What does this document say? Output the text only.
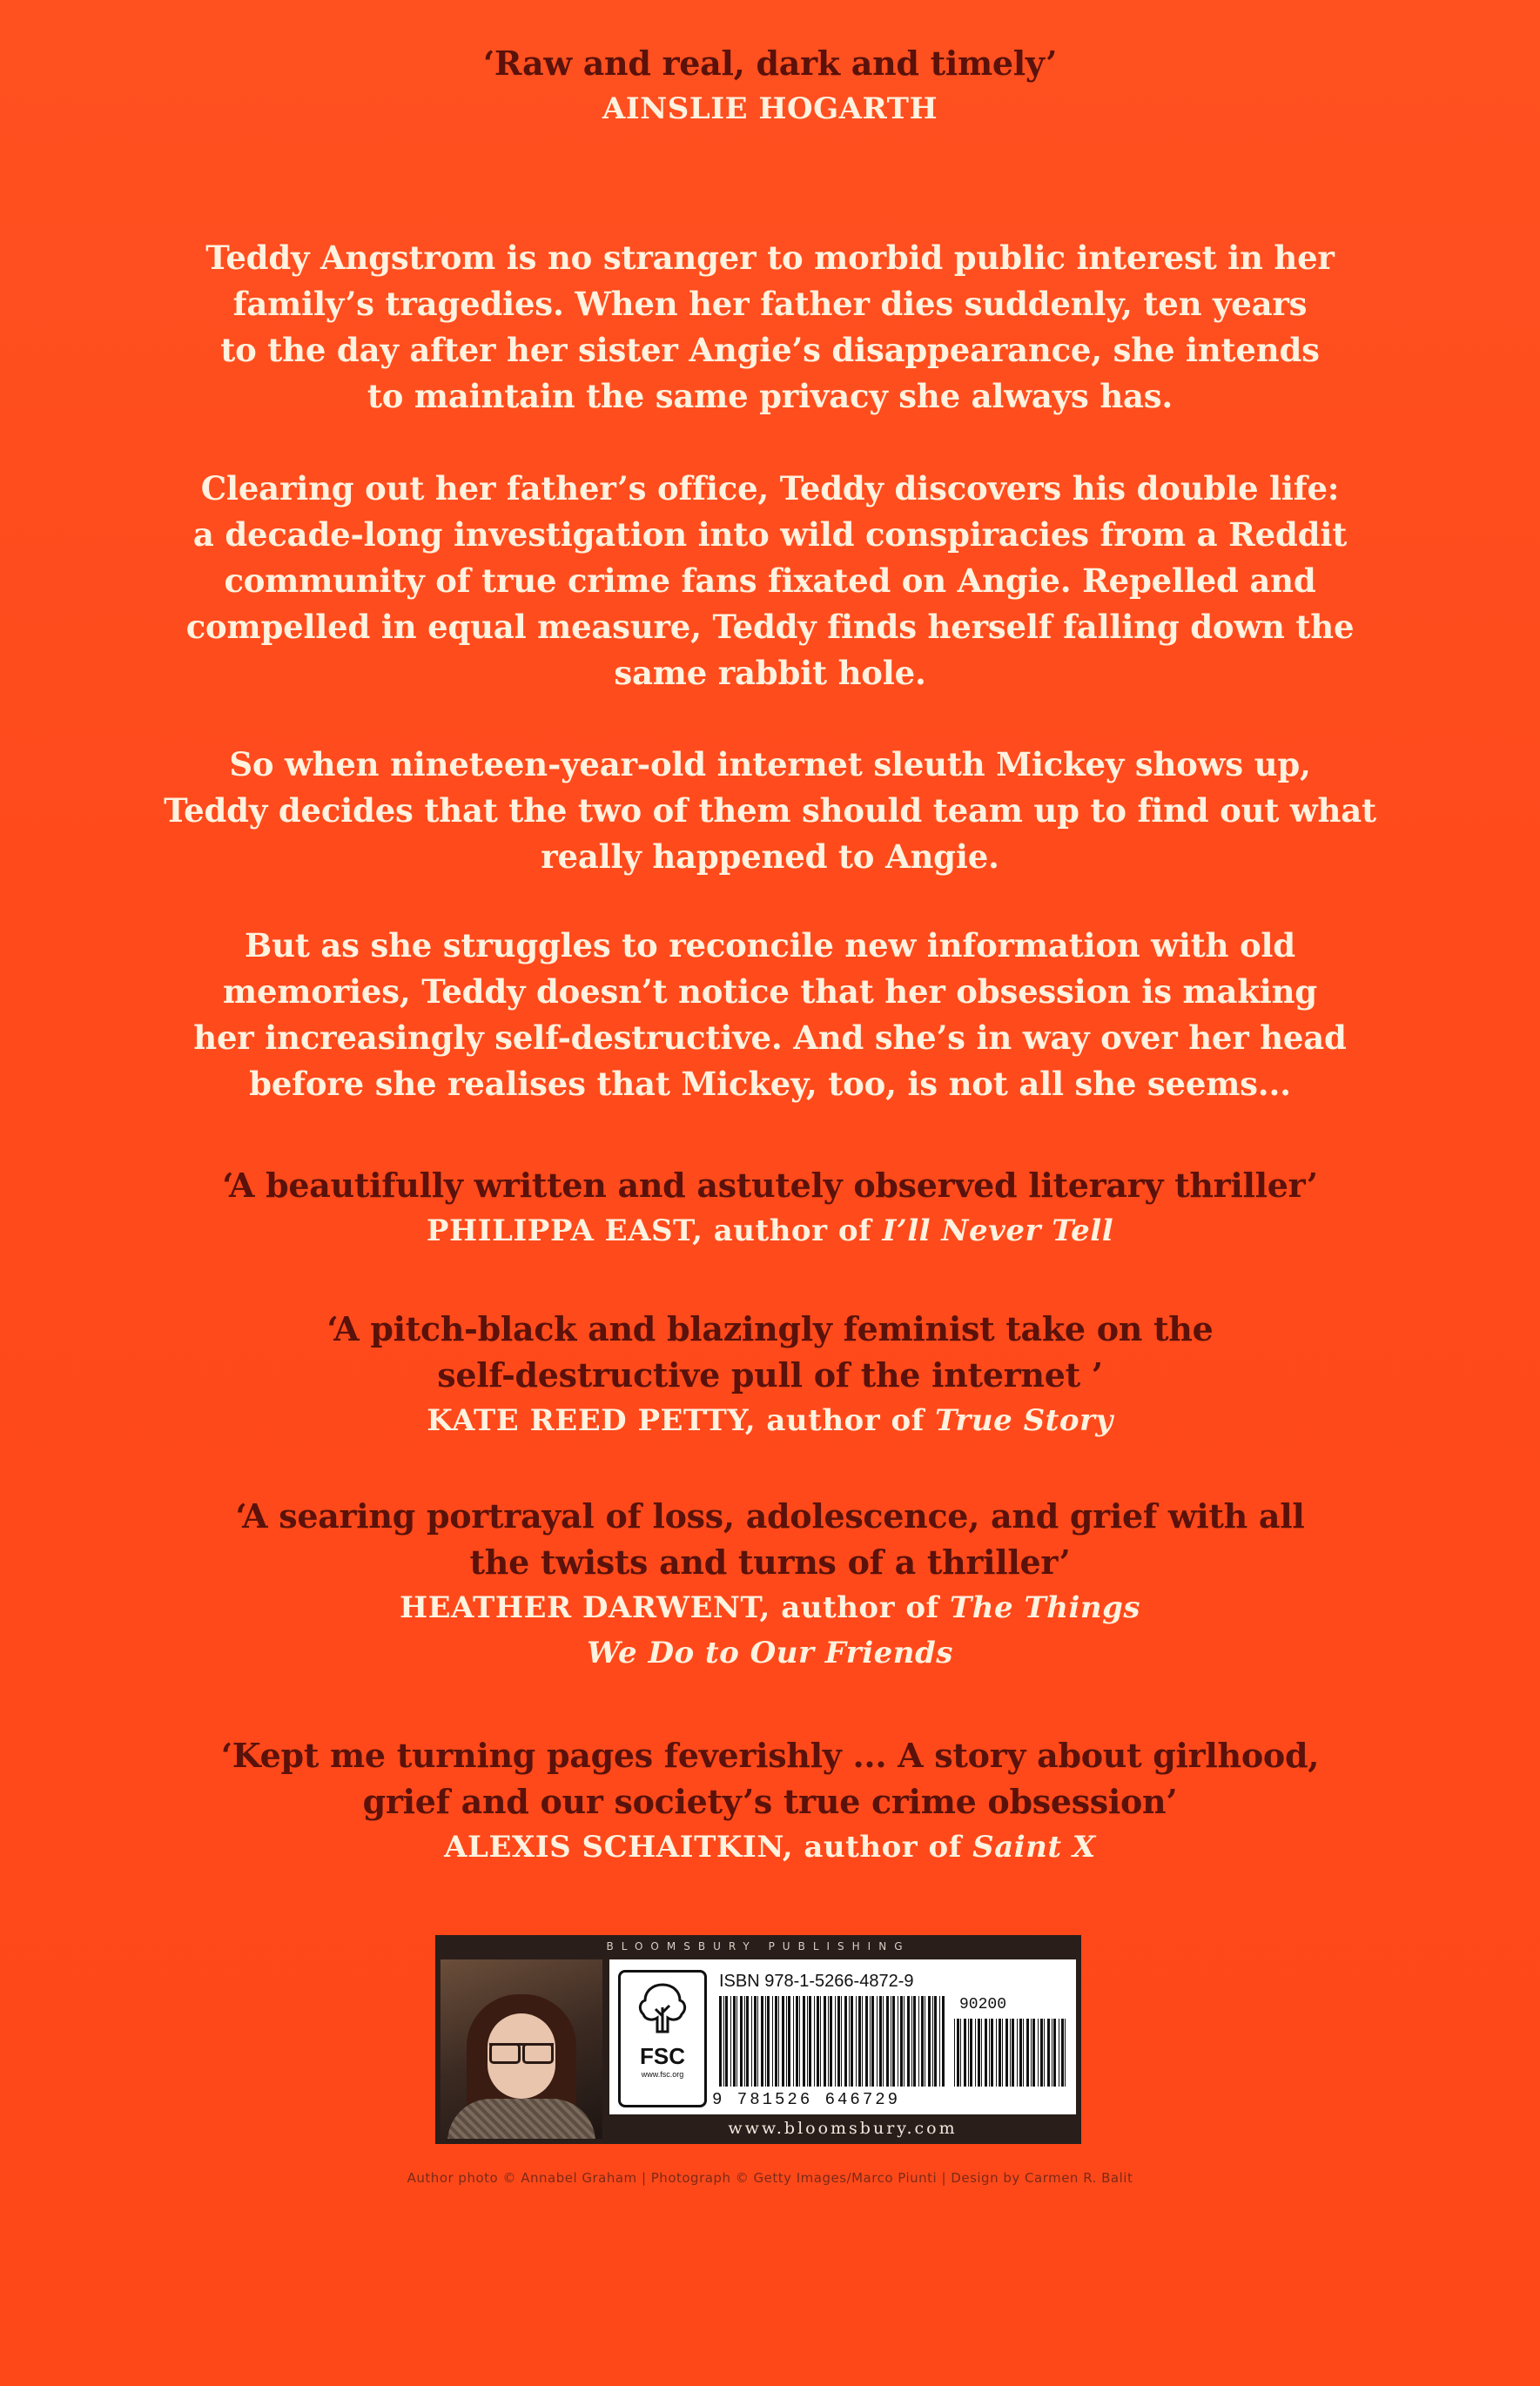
‘Raw and real, dark and timely’
AINSLIE HOGARTH
Teddy Angstrom is no stranger to morbid public interest in her
family’s tragedies. When her father dies suddenly, ten years
to the day after her sister Angie’s disappearance, she intends
to maintain the same privacy she always has.
Clearing out her father’s office, Teddy discovers his double life:
a decade-long investigation into wild conspiracies from a Reddit
community of true crime fans fixated on Angie. Repelled and
compelled in equal measure, Teddy finds herself falling down the
same rabbit hole.
So when nineteen-year-old internet sleuth Mickey shows up,
Teddy decides that the two of them should team up to find out what
really happened to Angie.
But as she struggles to reconcile new information with old
memories, Teddy doesn’t notice that her obsession is making
her increasingly self-destructive. And she’s in way over her head
before she realises that Mickey, too, is not all she seems...
‘A beautifully written and astutely observed literary thriller’
PHILIPPA EAST, author of I’ll Never Tell
‘A pitch-black and blazingly feminist take on the
self-destructive pull of the internet ’
KATE REED PETTY, author of True Story
‘A searing portrayal of loss, adolescence, and grief with all
the twists and turns of a thriller’
HEATHER DARWENT, author of The Things
We Do to Our Friends
‘Kept me turning pages feverishly ... A story about girlhood,
grief and our society’s true crime obsession’
ALEXIS SCHAITKIN, author of Saint X
BLOOMSBURY PUBLISHING
FSC
www.fsc.org
ISBN 978-1-5266-4872-9
90200
9 781526 646729
www.bloomsbury.com
Author photo © Annabel Graham | Photograph © Getty Images/Marco Piunti | Design by Carmen R. Balit
